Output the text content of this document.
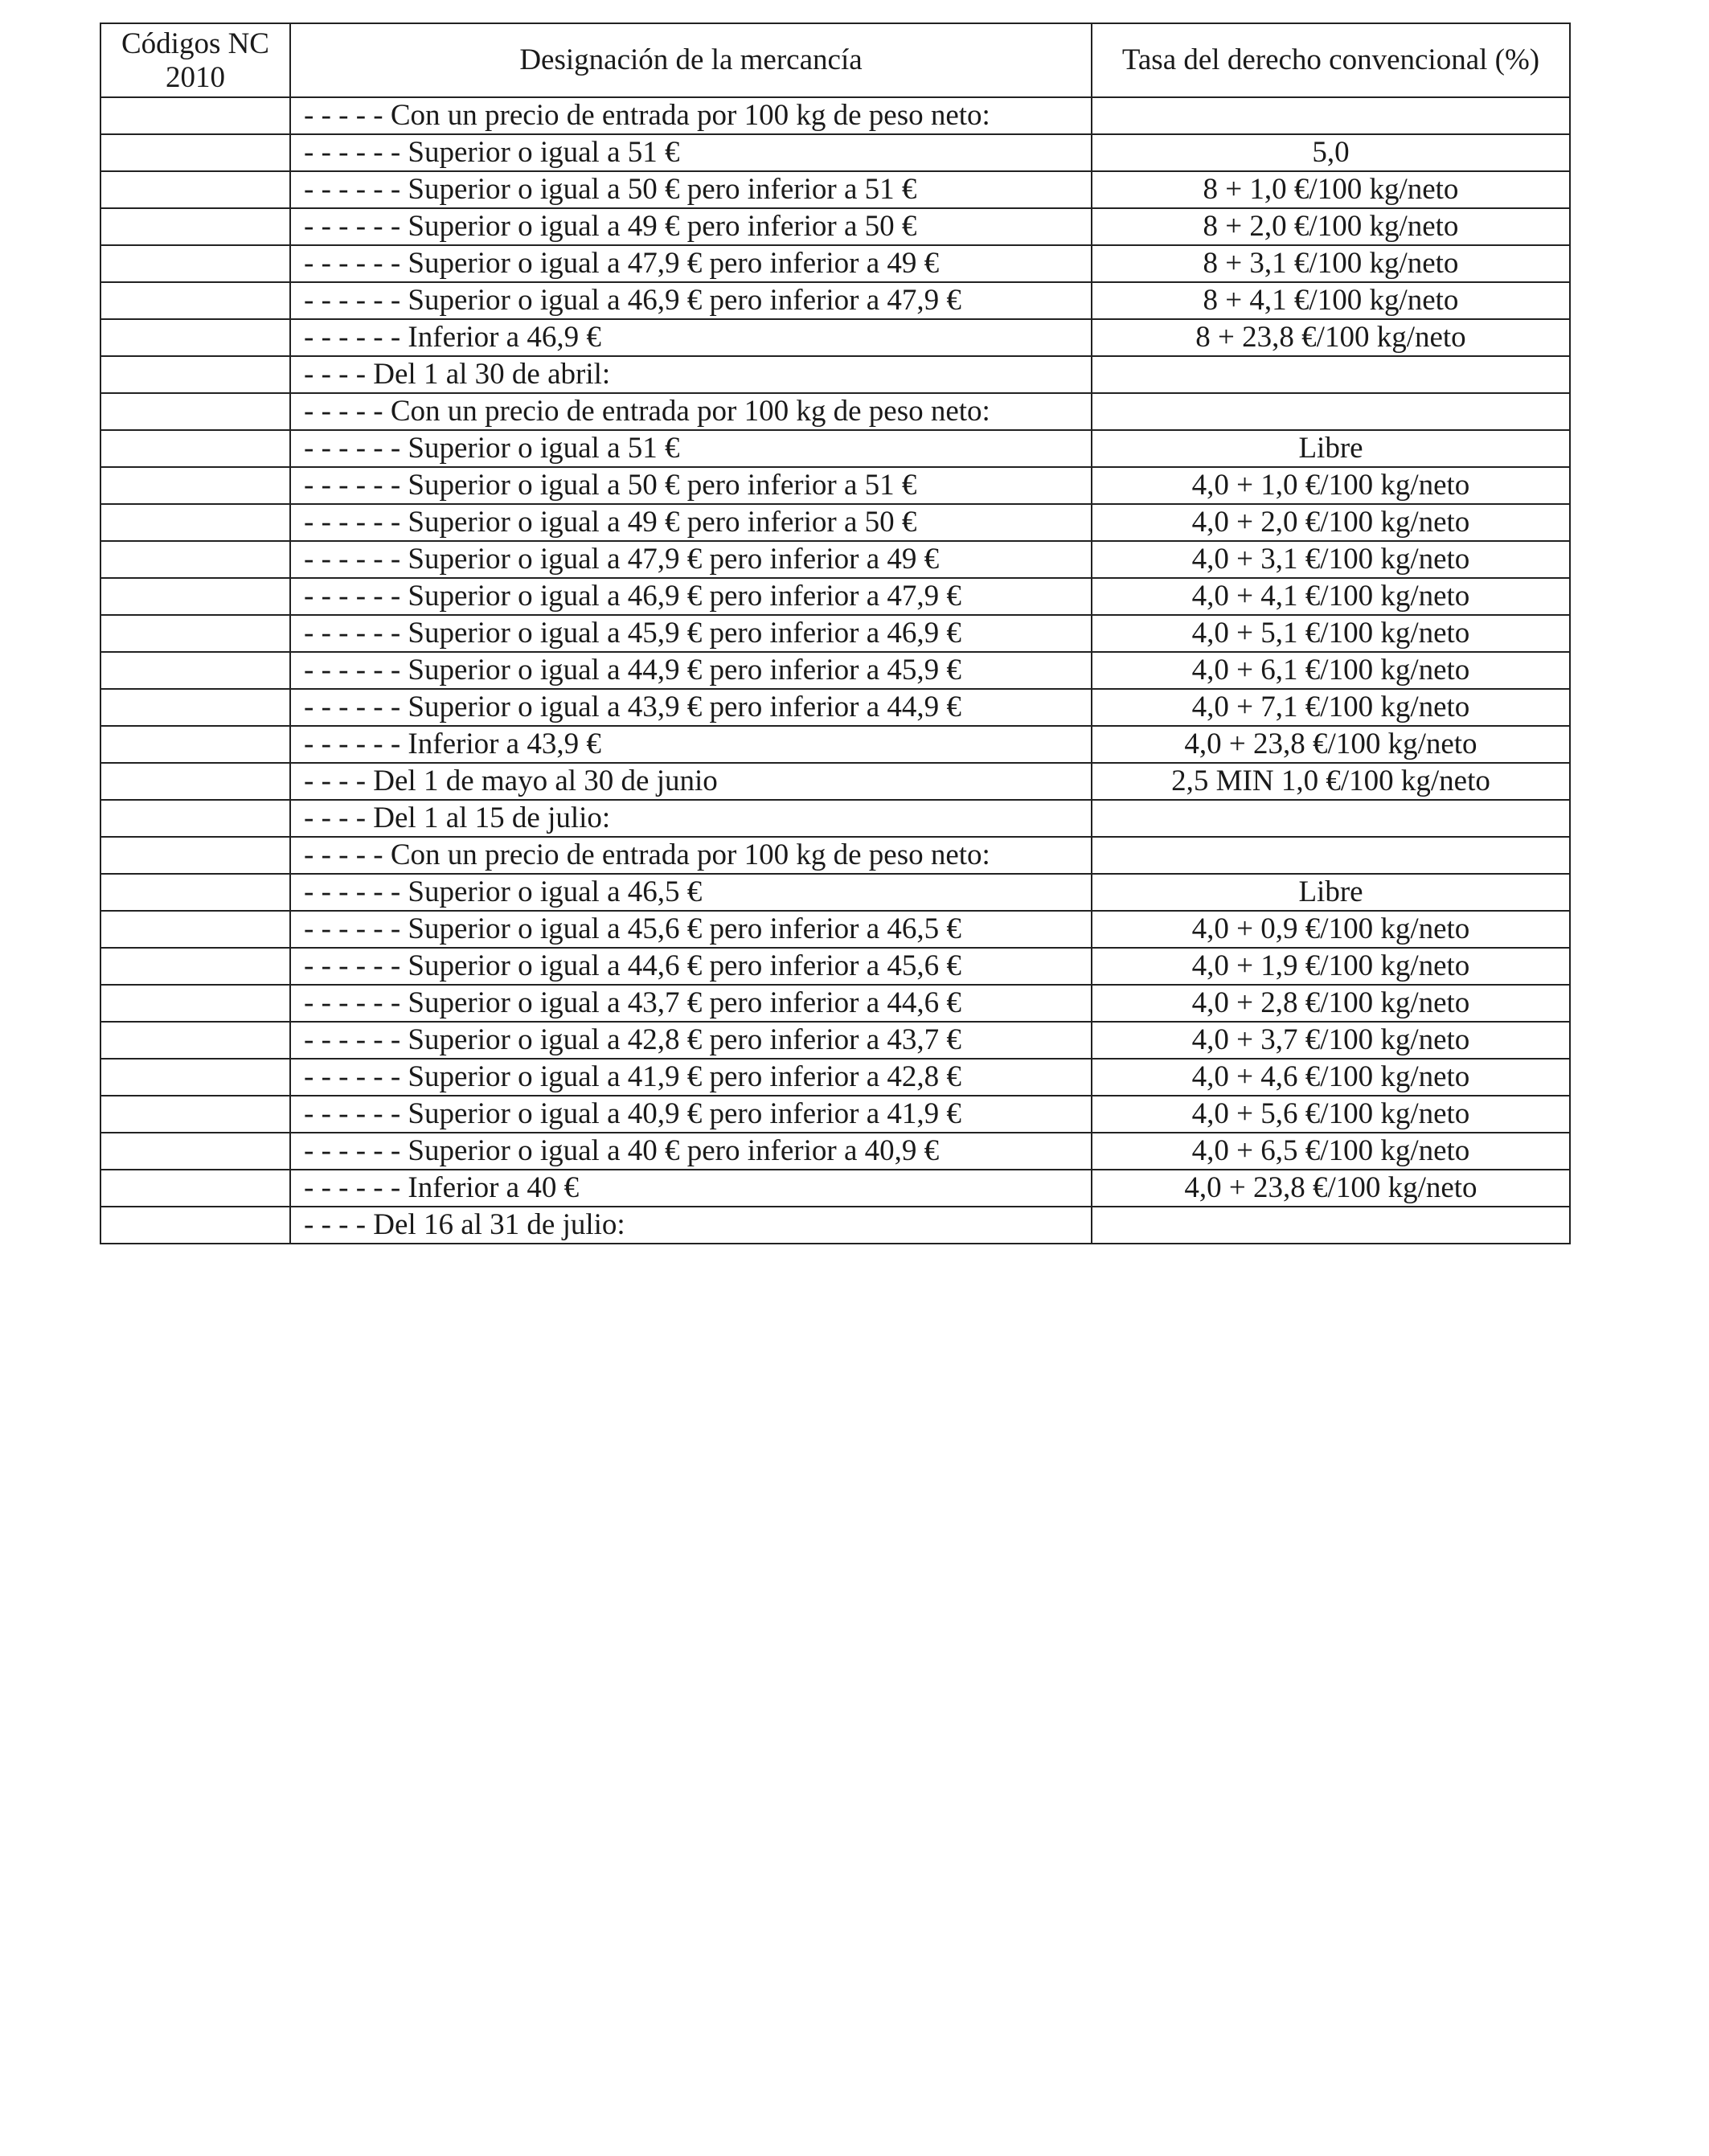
Códigos NC
2010	Designación de la mercancía	Tasa del derecho convencional (%)
	- - - - - Con un precio de entrada por 100 kg de peso neto:	
	- - - - - - Superior o igual a 51 €	5,0
	- - - - - - Superior o igual a 50 € pero inferior a 51 €	8 + 1,0 €/100 kg/neto
	- - - - - - Superior o igual a 49 € pero inferior a 50 €	8 + 2,0 €/100 kg/neto
	- - - - - - Superior o igual a 47,9 € pero inferior a 49 €	8 + 3,1 €/100 kg/neto
	- - - - - - Superior o igual a 46,9 € pero inferior a 47,9 €	8 + 4,1 €/100 kg/neto
	- - - - - - Inferior a 46,9 €	8 + 23,8 €/100 kg/neto
	- - - - Del 1 al 30 de abril:	
	- - - - - Con un precio de entrada por 100 kg de peso neto:	
	- - - - - - Superior o igual a 51 €	Libre
	- - - - - - Superior o igual a 50 € pero inferior a 51 €	4,0 + 1,0 €/100 kg/neto
	- - - - - - Superior o igual a 49 € pero inferior a 50 €	4,0 + 2,0 €/100 kg/neto
	- - - - - - Superior o igual a 47,9 € pero inferior a 49 €	4,0 + 3,1 €/100 kg/neto
	- - - - - - Superior o igual a 46,9 € pero inferior a 47,9 €	4,0 + 4,1 €/100 kg/neto
	- - - - - - Superior o igual a 45,9 € pero inferior a 46,9 €	4,0 + 5,1 €/100 kg/neto
	- - - - - - Superior o igual a 44,9 € pero inferior a 45,9 €	4,0 + 6,1 €/100 kg/neto
	- - - - - - Superior o igual a 43,9 € pero inferior a 44,9 €	4,0 + 7,1 €/100 kg/neto
	- - - - - - Inferior a 43,9 €	4,0 + 23,8 €/100 kg/neto
	- - - - Del 1 de mayo al 30 de junio	2,5 MIN 1,0 €/100 kg/neto
	- - - - Del 1 al 15 de julio:	
	- - - - - Con un precio de entrada por 100 kg de peso neto:	
	- - - - - - Superior o igual a 46,5 €	Libre
	- - - - - - Superior o igual a 45,6 € pero inferior a 46,5 €	4,0 + 0,9 €/100 kg/neto
	- - - - - - Superior o igual a 44,6 € pero inferior a 45,6 €	4,0 + 1,9 €/100 kg/neto
	- - - - - - Superior o igual a 43,7 € pero inferior a 44,6 €	4,0 + 2,8 €/100 kg/neto
	- - - - - - Superior o igual a 42,8 € pero inferior a 43,7 €	4,0 + 3,7 €/100 kg/neto
	- - - - - - Superior o igual a 41,9 € pero inferior a 42,8 €	4,0 + 4,6 €/100 kg/neto
	- - - - - - Superior o igual a 40,9 € pero inferior a 41,9 €	4,0 + 5,6 €/100 kg/neto
	- - - - - - Superior o igual a 40 € pero inferior a 40,9 €	4,0 + 6,5 €/100 kg/neto
	- - - - - - Inferior a 40 €	4,0 + 23,8 €/100 kg/neto
	- - - - Del 16 al 31 de julio:	
